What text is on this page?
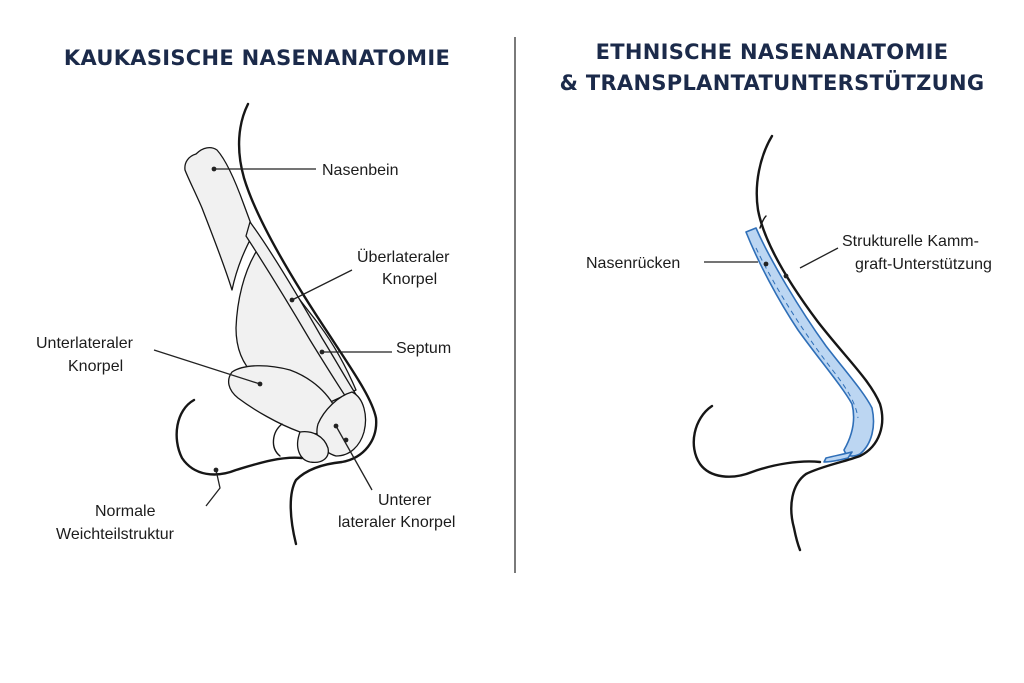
KAUKASISCHE NASENANATOMIE	ETHNISCHE NASENANATOMIE
& TRANSPLANTATUNTERSTÜTZUNG
Nasenbein
Überlateraler
Knorpel
Septum
Unterlateraler
Knorpel
Unterer
lateraler Knorpel
Normale
Weichteilstruktur
Nasenrücken
Strukturelle Kamm-
graft-Unterstützung
